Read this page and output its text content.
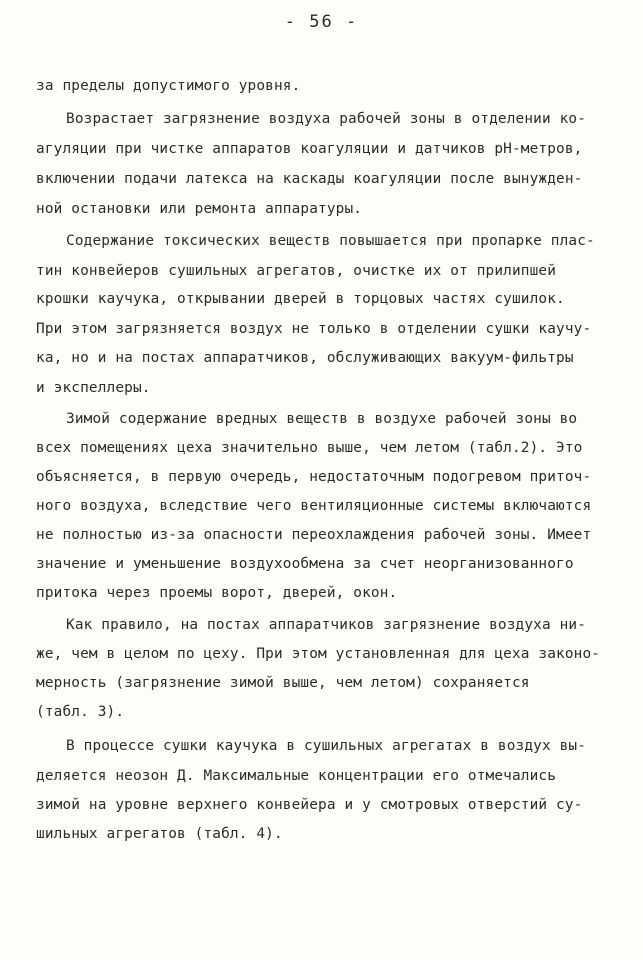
- 56 -
за пределы допустимого уровня.
Возрастает загрязнение воздуха рабочей зоны в отделении ко-
агуляции при чистке аппаратов коагуляции и датчиков рН-метров,
включении подачи латекса на каскады коагуляции после вынужден-
ной остановки или ремонта аппаратуры.
Содержание токсических веществ повышается при пропарке плас-
тин конвейеров сушильных агрегатов, очистке их от прилипшей
крошки каучука, открывании дверей в торцовых частях сушилок.
При этом загрязняется воздух не только в отделении сушки каучу-
ка, но и на постах аппаратчиков, обслуживающих вакуум-фильтры
и экспеллеры.
Зимой содержание вредных веществ в воздухе рабочей зоны во
всех помещениях цеха значительно выше, чем летом (табл.2). Это
объясняется, в первую очередь, недостаточным подогревом приточ-
ного воздуха, вследствие чего вентиляционные системы включаются
не полностью из-за опасности переохлаждения рабочей зоны. Имеет
значение и уменьшение воздухообмена за счет неорганизованного
притока через проемы ворот, дверей, окон.
Как правило, на постах аппаратчиков загрязнение воздуха ни-
же, чем в целом по цеху. При этом установленная для цеха законо-
мерность (загрязнение зимой выше, чем летом) сохраняется
(табл. 3).
В процессе сушки каучука в сушильных агрегатах в воздух вы-
деляется неозон Д. Максимальные концентрации его отмечались
зимой на уровне верхнего конвейера и у смотровых отверстий су-
шильных агрегатов (табл. 4).
